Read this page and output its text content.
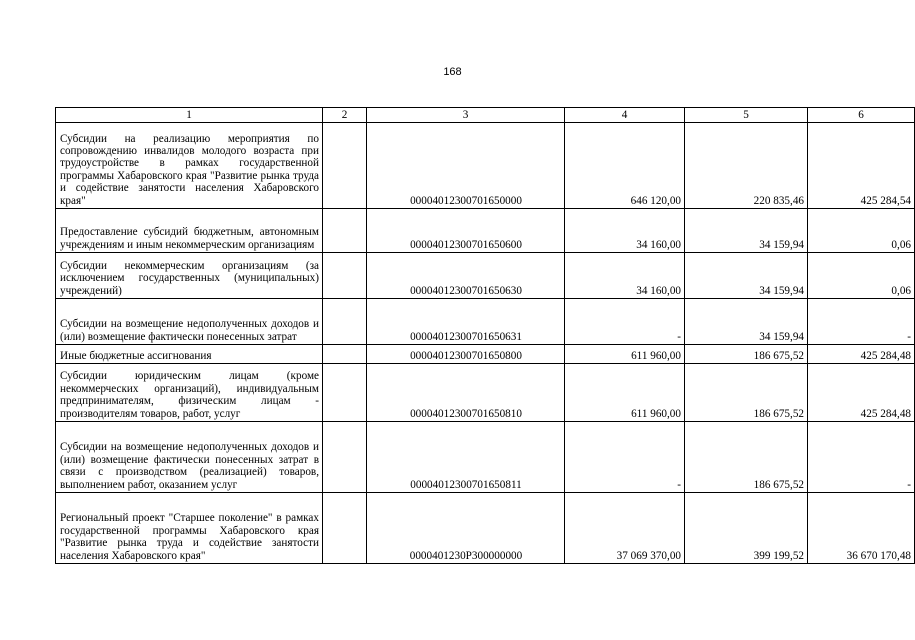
168
1	2	3	4	5	6
Субсидии на реализацию мероприятия по сопровождению инвалидов молодого возраста при трудоустройстве в рамках государственной программы Хабаровского края "Развитие рынка труда и содействие занятости населения Хабаровского края"		00004012300701650000	646 120,00	220 835,46	425 284,54
Предоставление субсидий бюджетным, автономным учреждениям и иным некоммерческим организациям		00004012300701650600	34 160,00	34 159,94	0,06
Субсидии некоммерческим организациям (за исключением государственных (муниципальных) учреждений)		00004012300701650630	34 160,00	34 159,94	0,06
Субсидии на возмещение недополученных доходов и (или) возмещение фактически понесенных затрат		00004012300701650631	-	34 159,94	-
Иные бюджетные ассигнования		00004012300701650800	611 960,00	186 675,52	425 284,48
Субсидии юридическим лицам (кроме некоммерческих организаций), индивидуальным предпринимателям, физическим лицам - производителям товаров, работ, услуг		00004012300701650810	611 960,00	186 675,52	425 284,48
Субсидии на возмещение недополученных доходов и (или) возмещение фактически понесенных затрат в связи с производством (реализацией) товаров, выполнением работ, оказанием услуг		00004012300701650811	-	186 675,52	-
Региональный проект "Старшее поколение" в рамках государственной программы Хабаровского края "Развитие рынка труда и содействие занятости населения Хабаровского края"		0000401230P300000000	37 069 370,00	399 199,52	36 670 170,48
